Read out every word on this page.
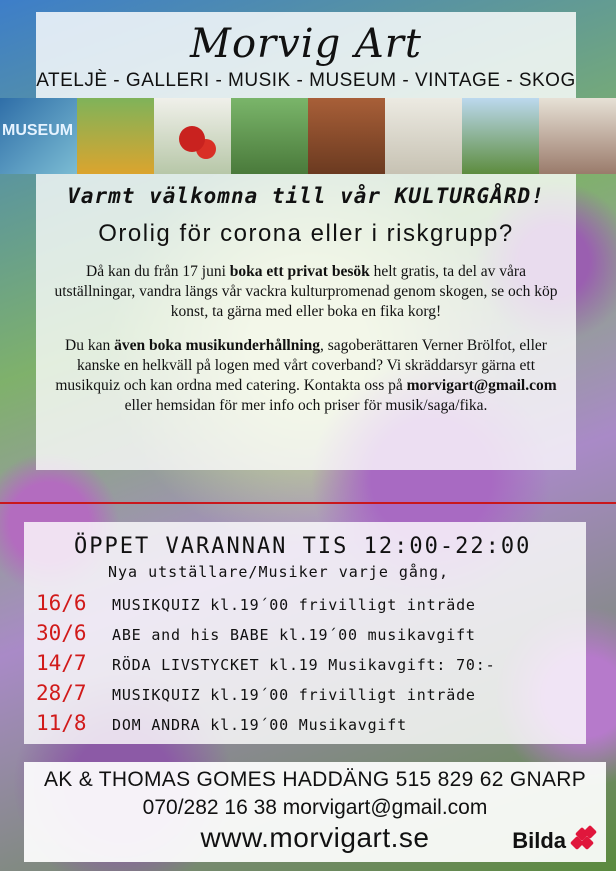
Morvig Art
ATELJÈ - GALLERI - MUSIK - MUSEUM - VINTAGE - SKOG
MUSEUM
Varmt välkomna till vår KULTURGÅRD!
Orolig för corona eller i riskgrupp?

Då kan du från 17 juni boka ett privat besök helt gratis, ta del av våra utställningar, vandra längs vår vackra kulturpromenad genom skogen, se och köp konst, ta gärna med eller boka en fika korg!

Du kan även boka musikunderhållning, sagoberättaren Verner Brölfot, eller kanske en helkväll på logen med vårt coverband? Vi skräddarsyr gärna ett musikquiz och kan ordna med catering. Kontakta oss på morvigart@gmail.com eller hemsidan för mer info och priser för musik/saga/fika.

ÖPPET VARANNAN TIS 12:00-22:00
Nya utställare/Musiker varje gång,
16/6	MUSIKQUIZ kl.19´00 frivilligt inträde
30/6	ABE and his BABE kl.19´00 musikavgift
14/7	RÖDA LIVSTYCKET kl.19 Musikavgift: 70:-
28/7	MUSIKQUIZ kl.19´00 frivilligt inträde
11/8	DOM ANDRA kl.19´00 Musikavgift
AK & THOMAS GOMES HADDÄNG 515 829 62 GNARP
070/282 16 38 morvigart@gmail.com
www.morvigart.se	Bilda
